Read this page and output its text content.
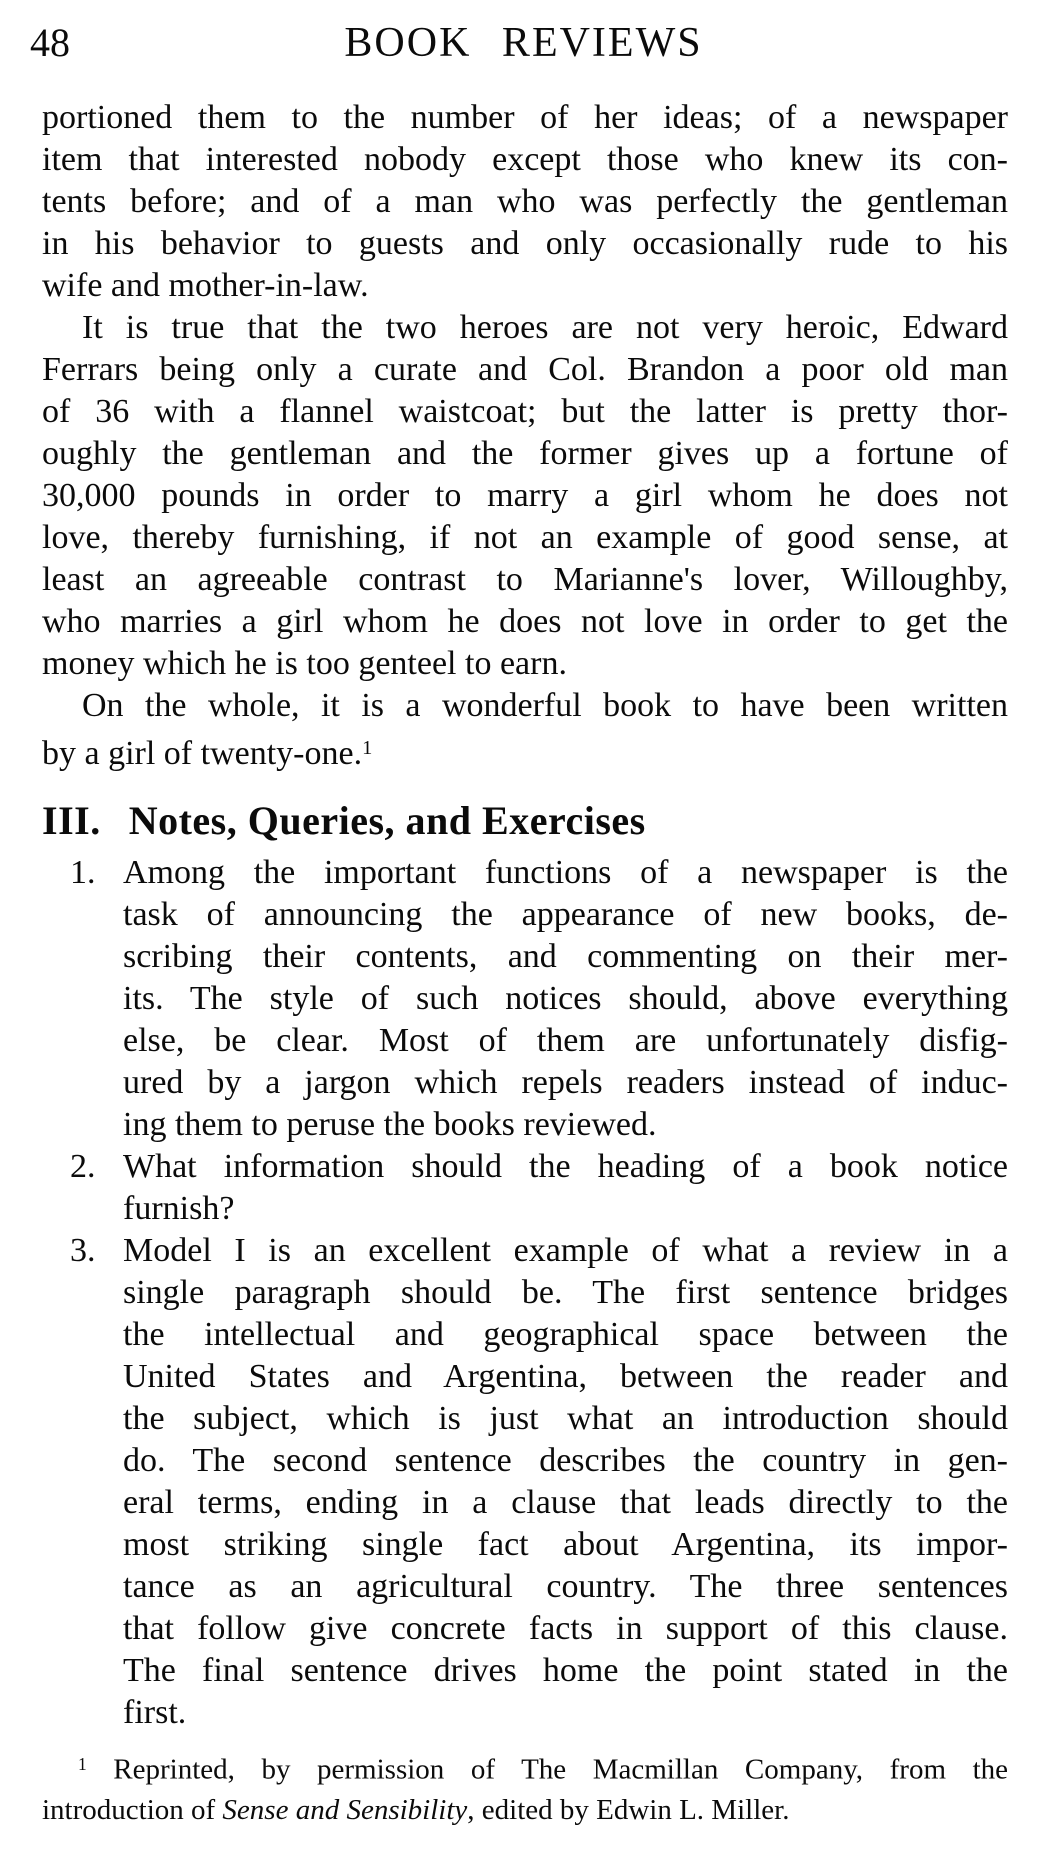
48	BOOK REVIEWS
portioned them to the number of her ideas; of a newspaper
item that interested nobody except those who knew its con-
tents before; and of a man who was perfectly the gentleman
in his behavior to guests and only occasionally rude to his
wife and mother-in-law.
It is true that the two heroes are not very heroic, Edward
Ferrars being only a curate and Col. Brandon a poor old man
of 36 with a flannel waistcoat; but the latter is pretty thor-
oughly the gentleman and the former gives up a fortune of
30,000 pounds in order to marry a girl whom he does not
love, thereby furnishing, if not an example of good sense, at
least an agreeable contrast to Marianne's lover, Willoughby,
who marries a girl whom he does not love in order to get the
money which he is too genteel to earn.
On the whole, it is a wonderful book to have been written
by a girl of twenty-one.$^1$
III. Notes, Queries, and Exercises
1. Among the important functions of a newspaper is the
task of announcing the appearance of new books, de-
scribing their contents, and commenting on their mer-
its. The style of such notices should, above everything
else, be clear. Most of them are unfortunately disfig-
ured by a jargon which repels readers instead of induc-
ing them to peruse the books reviewed.
2. What information should the heading of a book notice
furnish?
3. Model I is an excellent example of what a review in a
single paragraph should be. The first sentence bridges
the intellectual and geographical space between the
United States and Argentina, between the reader and
the subject, which is just what an introduction should
do. The second sentence describes the country in gen-
eral terms, ending in a clause that leads directly to the
most striking single fact about Argentina, its impor-
tance as an agricultural country. The three sentences
that follow give concrete facts in support of this clause.
The final sentence drives home the point stated in the
first.
$^1$ Reprinted, by permission of The Macmillan Company, from the
introduction of Sense and Sensibility, edited by Edwin L. Miller.
